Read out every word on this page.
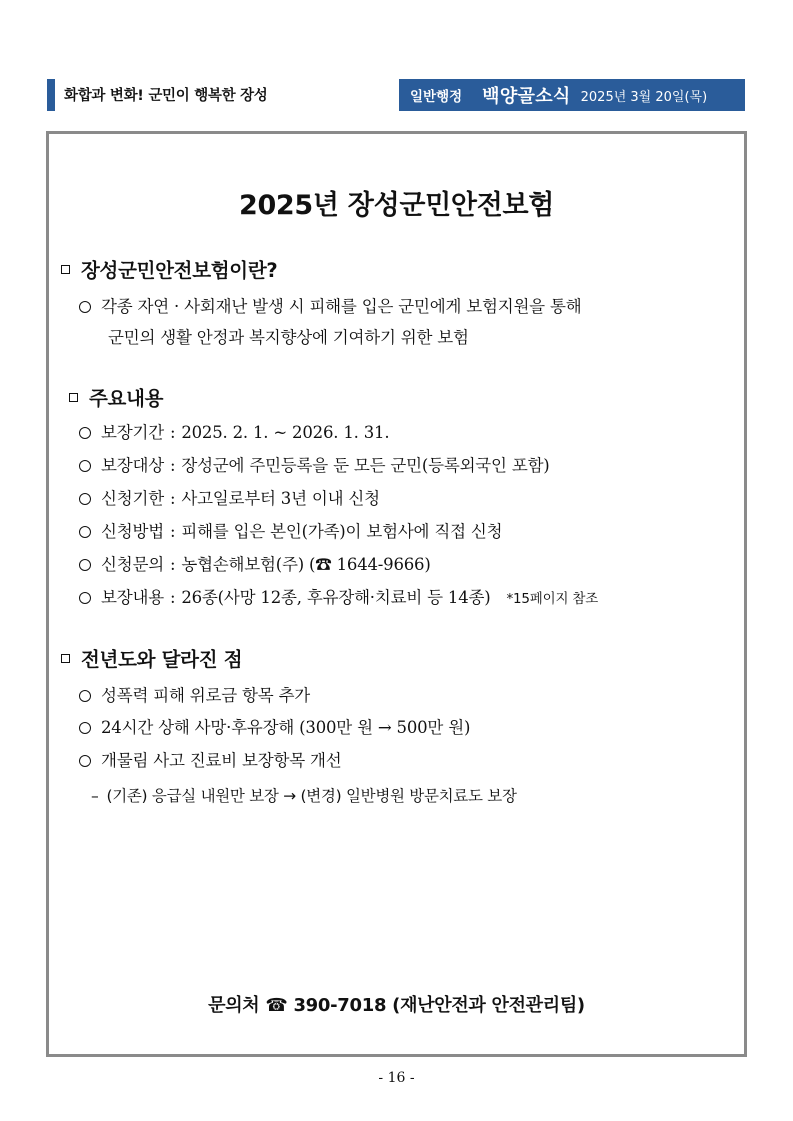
화합과 변화! 군민이 행복한 장성	일반행정 백양골소식 2025년 3월 20일(목)
2025년 장성군민안전보험
장성군민안전보험이란?
각종 자연 · 사회재난 발생 시 피해를 입은 군민에게 보험지원을 통해
군민의 생활 안정과 복지향상에 기여하기 위한 보험
주요내용
보장기간 : 2025. 2. 1. ~ 2026. 1. 31.
보장대상 : 장성군에 주민등록을 둔 모든 군민(등록외국인 포함)
신청기한 : 사고일로부터 3년 이내 신청
신청방법 : 피해를 입은 본인(가족)이 보험사에 직접 신청
신청문의 : 농협손해보험(주) (☎ 1644-9666)
보장내용 : 26종(사망 12종, 후유장해·치료비 등 14종) *15페이지 참조
전년도와 달라진 점
성폭력 피해 위로금 항목 추가
24시간 상해 사망·후유장해 (300만 원 → 500만 원)
개물림 사고 진료비 보장항목 개선
– (기존) 응급실 내원만 보장 → (변경) 일반병원 방문치료도 보장
문의처 ☎ 390-7018 (재난안전과 안전관리팀)
- 16 -
